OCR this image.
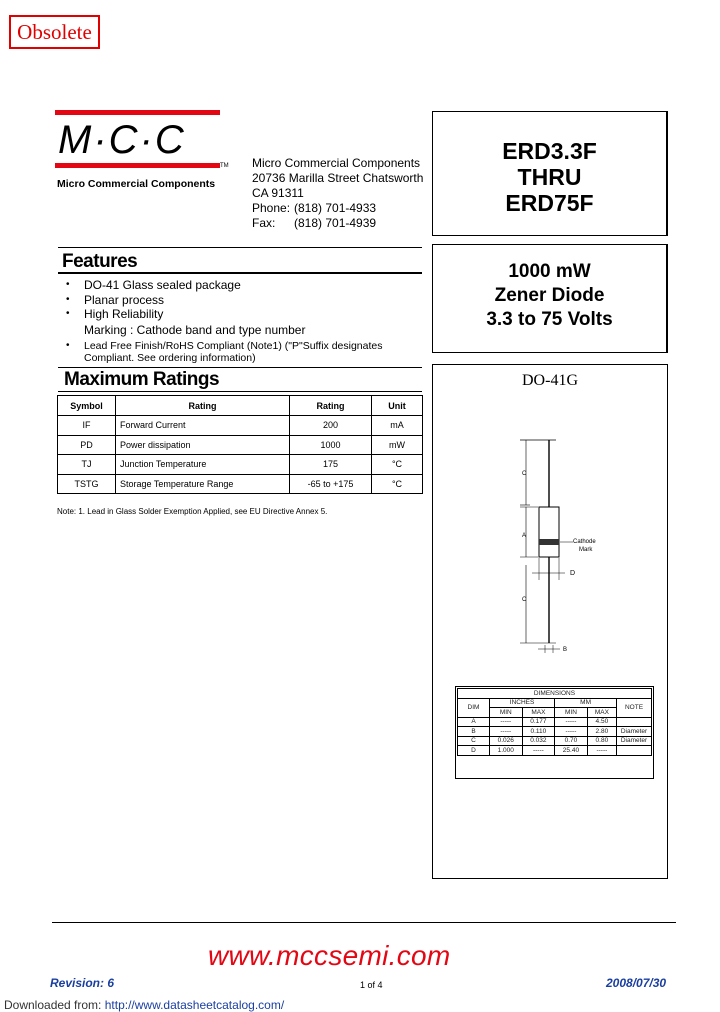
Obsolete
M·C·C
TM
Micro Commercial Components
Micro Commercial Components
20736 Marilla Street Chatsworth
CA 91311
Phone: (818) 701-4933
Fax: (818) 701-4939
ERD3.3F
THRU
ERD75F
1000 mW
Zener Diode
3.3 to 75 Volts
Features
• DO-41 Glass sealed package
• Planar process
• High Reliability
Marking : Cathode band and type number
• Lead Free Finish/RoHS Compliant (Note1) ("P"Suffix designates
Compliant. See ordering information)
Maximum Ratings
Symbol	Rating	Rating	Unit
IF	Forward Current	200	mA
PD	Power dissipation	1000	mW
TJ	Junction Temperature	175	°C
TSTG	Storage Temperature Range	-65 to +175	°C
Note: 1. Lead in Glass Solder Exemption Applied, see EU Directive Annex 5.
DO-41G
C
A
Cathode
Mark
D
C
B
DIMENSIONS					
DIM	INCHES		MM		NOTE
	MIN	MAX	MIN	MAX	
A	-----	0.177	-----	4.50	
B	-----	0.110	-----	2.80	Diameter
C	0.026	0.032	0.70	0.80	Diameter
D	1.000	-----	25.40	-----	
www.mccsemi.com
Revision: 6	1 of 4	2008/07/30
Downloaded from: http://www.datasheetcatalog.com/
